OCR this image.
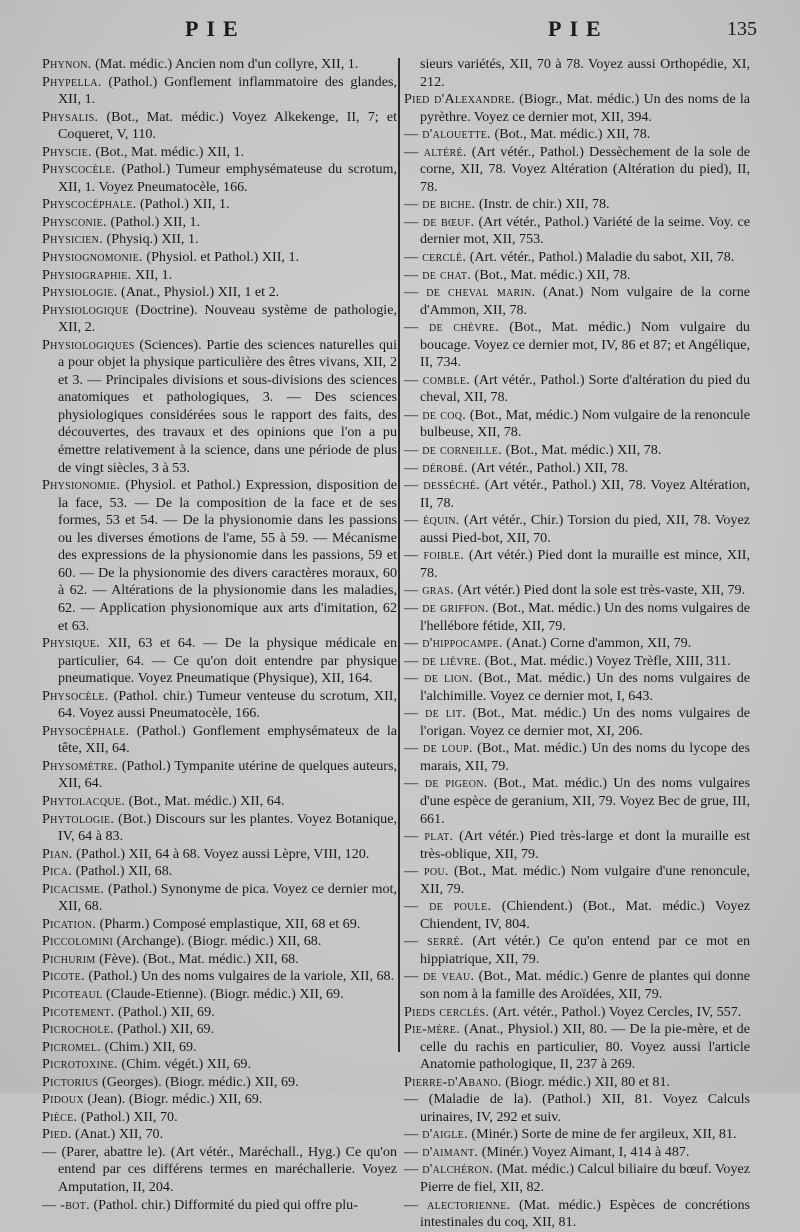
PIE	PIE	135

Phynon. (Mat. médic.) Ancien nom d'un collyre, XII, 1.

Phypella. (Pathol.) Gonflement inflammatoire des glandes, XII, 1.

Physalis. (Bot., Mat. médic.) Voyez Alkekenge, II, 7; et Coqueret, V, 110.

Physcie. (Bot., Mat. médic.) XII, 1.

Physcocèle. (Pathol.) Tumeur emphysémateuse du scrotum, XII, 1. Voyez Pneumatocèle, 166.

Physcocéphale. (Pathol.) XII, 1.

Physconie. (Pathol.) XII, 1.

Physicien. (Physiq.) XII, 1.

Physiognomonie. (Physiol. et Pathol.) XII, 1.

Physiographie. XII, 1.

Physiologie. (Anat., Physiol.) XII, 1 et 2.

Physiologique (Doctrine). Nouveau système de pathologie, XII, 2.

Physiologiques (Sciences). Partie des sciences naturelles qui a pour objet la physique particulière des êtres vivans, XII, 2 et 3. — Principales divisions et sous-divisions des sciences anatomiques et pathologiques, 3. — Des sciences physiologiques considérées sous le rapport des faits, des découvertes, des travaux et des opinions que l'on a pu émettre relativement à la science, dans une période de plus de vingt siècles, 3 à 53.

Physionomie. (Physiol. et Pathol.) Expression, disposition de la face, 53. — De la composition de la face et de ses formes, 53 et 54. — De la physionomie dans les passions ou les diverses émotions de l'ame, 55 à 59. — Mécanisme des expressions de la physionomie dans les passions, 59 et 60. — De la physionomie des divers caractères moraux, 60 à 62. — Altérations de la physionomie dans les maladies, 62. — Application physionomique aux arts d'imitation, 62 et 63.

Physique. XII, 63 et 64. — De la physique médicale en particulier, 64. — Ce qu'on doit entendre par physique pneumatique. Voyez Pneumatique (Physique), XII, 164.

Physocèle. (Pathol. chir.) Tumeur venteuse du scrotum, XII, 64. Voyez aussi Pneumatocèle, 166.

Physocéphale. (Pathol.) Gonflement emphysémateux de la tête, XII, 64.

Physomètre. (Pathol.) Tympanite utérine de quelques auteurs, XII, 64.

Phytolacque. (Bot., Mat. médic.) XII, 64.

Phytologie. (Bot.) Discours sur les plantes. Voyez Botanique, IV, 64 à 83.

Pian. (Pathol.) XII, 64 à 68. Voyez aussi Lèpre, VIII, 120.

Pica. (Pathol.) XII, 68.

Picacisme. (Pathol.) Synonyme de pica. Voyez ce dernier mot, XII, 68.

Pication. (Pharm.) Composé emplastique, XII, 68 et 69.

Piccolomini (Archange). (Biogr. médic.) XII, 68.

Pichurim (Fève). (Bot., Mat. médic.) XII, 68.

Picote. (Pathol.) Un des noms vulgaires de la variole, XII, 68.

Picoteaul (Claude-Etienne). (Biogr. médic.) XII, 69.

Picotement. (Pathol.) XII, 69.

Picrochole. (Pathol.) XII, 69.

Picromel. (Chim.) XII, 69.

Picrotoxine. (Chim. végét.) XII, 69.

Pictorius (Georges). (Biogr. médic.) XII, 69.

Pidoux (Jean). (Biogr. médic.) XII, 69.

Pièce. (Pathol.) XII, 70.

Pied. (Anat.) XII, 70.

— (Parer, abattre le). (Art vétér., Maréchall., Hyg.) Ce qu'on entend par ces différens termes en maréchallerie. Voyez Amputation, II, 204.

— -bot. (Pathol. chir.) Difformité du pied qui offre plu-

sieurs variétés, XII, 70 à 78. Voyez aussi Orthopédie, XI, 212.

Pied d'Alexandre. (Biogr., Mat. médic.) Un des noms de la pyrèthre. Voyez ce dernier mot, XII, 394.

— d'alouette. (Bot., Mat. médic.) XII, 78.

— altéré. (Art vétér., Pathol.) Dessèchement de la sole de corne, XII, 78. Voyez Altération (Altération du pied), II, 78.

— de biche. (Instr. de chir.) XII, 78.

— de bœuf. (Art vétér., Pathol.) Variété de la seime. Voy. ce dernier mot, XII, 753.

— cerclé. (Art. vétér., Pathol.) Maladie du sabot, XII, 78.

— de chat. (Bot., Mat. médic.) XII, 78.

— de cheval marin. (Anat.) Nom vulgaire de la corne d'Ammon, XII, 78.

— de chèvre. (Bot., Mat. médic.) Nom vulgaire du boucage. Voyez ce dernier mot, IV, 86 et 87; et Angélique, II, 734.

— comble. (Art vétér., Pathol.) Sorte d'altération du pied du cheval, XII, 78.

— de coq. (Bot., Mat, médic.) Nom vulgaire de la renoncule bulbeuse, XII, 78.

— de corneille. (Bot., Mat. médic.) XII, 78.

— dérobé. (Art vétér., Pathol.) XII, 78.

— desséché. (Art vétér., Pathol.) XII, 78. Voyez Altération, II, 78.

— équin. (Art vétér., Chir.) Torsion du pied, XII, 78. Voyez aussi Pied-bot, XII, 70.

— foible. (Art vétér.) Pied dont la muraille est mince, XII, 78.

— gras. (Art vétér.) Pied dont la sole est très-vaste, XII, 79.

— de griffon. (Bot., Mat. médic.) Un des noms vulgaires de l'hellébore fétide, XII, 79.

— d'hippocampe. (Anat.) Corne d'ammon, XII, 79.

— de lièvre. (Bot., Mat. médic.) Voyez Trèfle, XIII, 311.

— de lion. (Bot., Mat. médic.) Un des noms vulgaires de l'alchimille. Voyez ce dernier mot, I, 643.

— de lit. (Bot., Mat. médic.) Un des noms vulgaires de l'origan. Voyez ce dernier mot, XI, 206.

— de loup. (Bot., Mat. médic.) Un des noms du lycope des marais, XII, 79.

— de pigeon. (Bot., Mat. médic.) Un des noms vulgaires d'une espèce de geranium, XII, 79. Voyez Bec de grue, III, 661.

— plat. (Art vétér.) Pied très-large et dont la muraille est très-oblique, XII, 79.

— pou. (Bot., Mat. médic.) Nom vulgaire d'une renoncule, XII, 79.

— de poule. (Chiendent.) (Bot., Mat. médic.) Voyez Chiendent, IV, 804.

— serré. (Art vétér.) Ce qu'on entend par ce mot en hippiatrique, XII, 79.

— de veau. (Bot., Mat. médic.) Genre de plantes qui donne son nom à la famille des Aroïdées, XII, 79.

Pieds cerclés. (Art. vétér., Pathol.) Voyez Cercles, IV, 557.

Pie-mère. (Anat., Physiol.) XII, 80. — De la pie-mère, et de celle du rachis en particulier, 80. Voyez aussi l'article Anatomie pathologique, II, 237 à 269.

Pierre-d'Abano. (Biogr. médic.) XII, 80 et 81.

— (Maladie de la). (Pathol.) XII, 81. Voyez Calculs urinaires, IV, 292 et suiv.

— d'aigle. (Minér.) Sorte de mine de fer argileux, XII, 81.

— d'aimant. (Minér.) Voyez Aimant, I, 414 à 487.

— d'alchéron. (Mat. médic.) Calcul biliaire du bœuf. Voyez Pierre de fiel, XII, 82.

— alectorienne. (Mat. médic.) Espèces de concrétions intestinales du coq, XII, 81.
